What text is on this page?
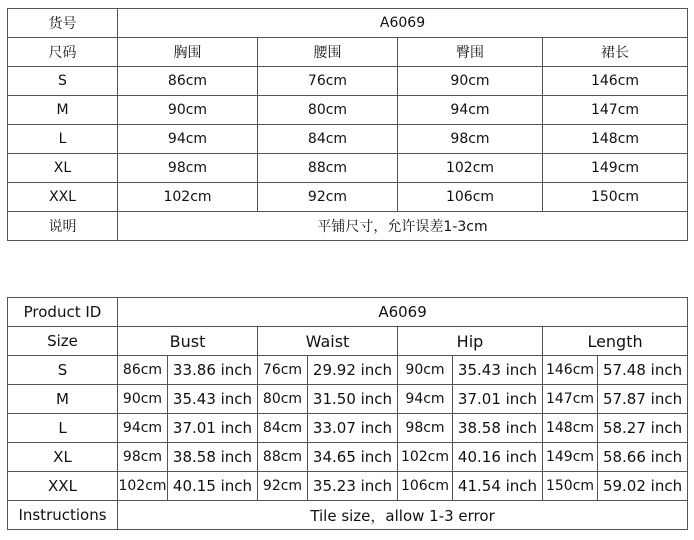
货号	A6069			
尺码	胸围	腰围	臀围	裙长
S	86cm	76cm	90cm	146cm
M	90cm	80cm	94cm	147cm
L	94cm	84cm	98cm	148cm
XL	98cm	88cm	102cm	149cm
XXL	102cm	92cm	106cm	150cm
说明	平铺尺寸，允许误差1-3cm			
Product ID	A6069							
Size	Bust		Waist		Hip		Length	
S	86cm	33.86 inch	76cm	29.92 inch	90cm	35.43 inch	146cm	57.48 inch
M	90cm	35.43 inch	80cm	31.50 inch	94cm	37.01 inch	147cm	57.87 inch
L	94cm	37.01 inch	84cm	33.07 inch	98cm	38.58 inch	148cm	58.27 inch
XL	98cm	38.58 inch	88cm	34.65 inch	102cm	40.16 inch	149cm	58.66 inch
XXL	102cm	40.15 inch	92cm	35.23 inch	106cm	41.54 inch	150cm	59.02 inch
Instructions	Tile size，allow 1-3 error							
